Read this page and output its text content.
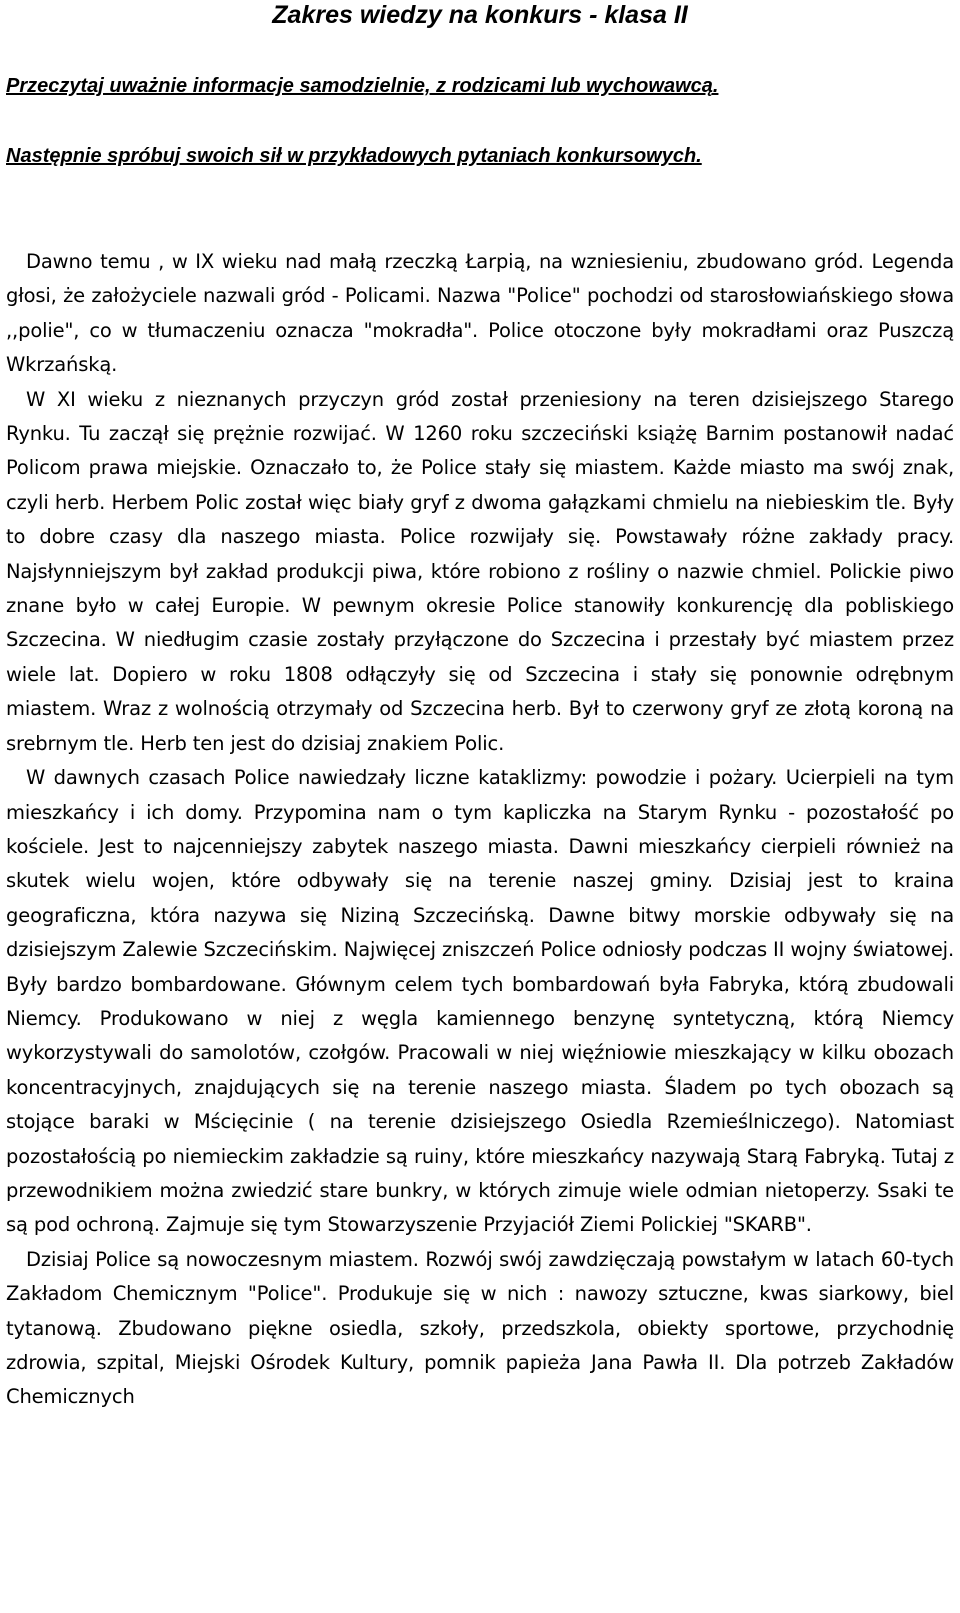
Zakres wiedzy na konkurs - klasa II

Przeczytaj uważnie informacje samodzielnie, z rodzicami lub wychowawcą.

Następnie spróbuj swoich sił w przykładowych pytaniach konkursowych.

Dawno temu , w IX wieku nad małą rzeczką Łarpią, na wzniesieniu, zbudowano gród. Legenda głosi, że założyciele nazwali gród - Policami. Nazwa "Police" pochodzi od starosłowiańskiego słowa ,,polie", co w tłumaczeniu oznacza "mokradła". Police otoczone były mokradłami oraz Puszczą Wkrzańską.

W XI wieku z nieznanych przyczyn gród został przeniesiony na teren dzisiejszego Starego Rynku. Tu zaczął się prężnie rozwijać. W 1260 roku szczeciński książę Barnim postanowił nadać Policom prawa miejskie. Oznaczało to, że Police stały się miastem. Każde miasto ma swój znak, czyli herb. Herbem Polic został więc biały gryf z dwoma gałązkami chmielu na niebieskim tle. Były to dobre czasy dla naszego miasta. Police rozwijały się. Powstawały różne zakłady pracy. Najsłynniejszym był zakład produkcji piwa, które robiono z rośliny o nazwie chmiel. Polickie piwo znane było w całej Europie. W pewnym okresie Police stanowiły konkurencję dla pobliskiego Szczecina. W niedługim czasie zostały przyłączone do Szczecina i przestały być miastem przez wiele lat. Dopiero w roku 1808 odłączyły się od Szczecina i stały się ponownie odrębnym miastem. Wraz z wolnością otrzymały od Szczecina herb. Był to czerwony gryf ze złotą koroną na srebrnym tle. Herb ten jest do dzisiaj znakiem Polic.

W dawnych czasach Police nawiedzały liczne kataklizmy: powodzie i pożary. Ucierpieli na tym mieszkańcy i ich domy. Przypomina nam o tym kapliczka na Starym Rynku - pozostałość po kościele. Jest to najcenniejszy zabytek naszego miasta. Dawni mieszkańcy cierpieli również na skutek wielu wojen, które odbywały się na terenie naszej gminy. Dzisiaj jest to kraina geograficzna, która nazywa się Niziną Szczecińską. Dawne bitwy morskie odbywały się na dzisiejszym Zalewie Szczecińskim. Najwięcej zniszczeń Police odniosły podczas II wojny światowej. Były bardzo bombardowane. Głównym celem tych bombardowań była Fabryka, którą zbudowali Niemcy. Produkowano w niej z węgla kamiennego benzynę syntetyczną, którą Niemcy wykorzystywali do samolotów, czołgów. Pracowali w niej więźniowie mieszkający w kilku obozach koncentracyjnych, znajdujących się na terenie naszego miasta. Śladem po tych obozach są stojące baraki w Mścięcinie ( na terenie dzisiejszego Osiedla Rzemieślniczego). Natomiast pozostałością po niemieckim zakładzie są ruiny, które mieszkańcy nazywają Starą Fabryką. Tutaj z przewodnikiem można zwiedzić stare bunkry, w których zimuje wiele odmian nietoperzy. Ssaki te są pod ochroną. Zajmuje się tym Stowarzyszenie Przyjaciół Ziemi Polickiej "SKARB".

Dzisiaj Police są nowoczesnym miastem. Rozwój swój zawdzięczają powstałym w latach 60-tych Zakładom Chemicznym "Police". Produkuje się w nich : nawozy sztuczne, kwas siarkowy, biel tytanową. Zbudowano piękne osiedla, szkoły, przedszkola, obiekty sportowe, przychodnię zdrowia, szpital, Miejski Ośrodek Kultury, pomnik papieża Jana Pawła II. Dla potrzeb Zakładów Chemicznych
